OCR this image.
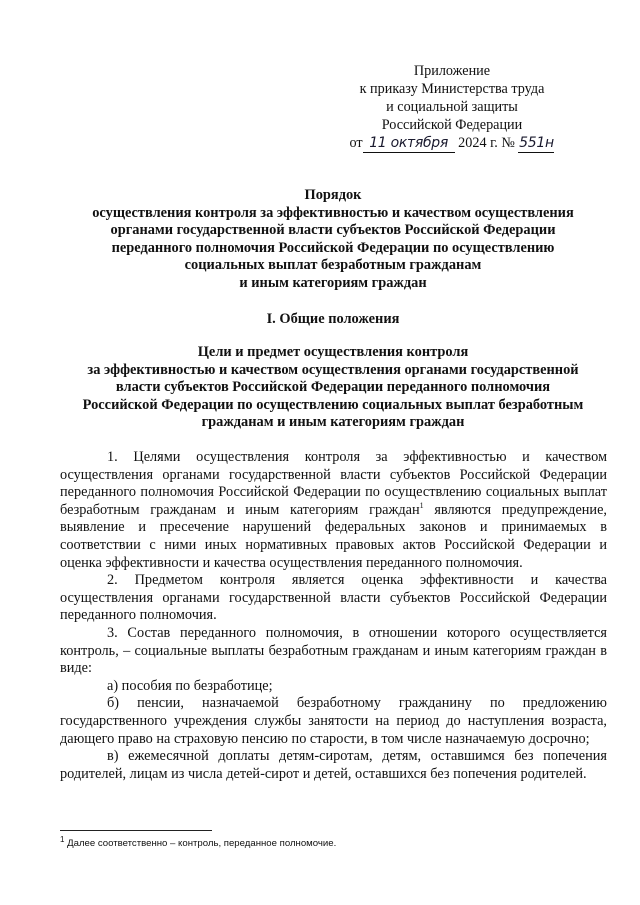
Приложение
к приказу Министерства труда
и социальной защиты
Российской Федерации
от 11 октября 2024 г. № 551н
Порядок
осуществления контроля за эффективностью и качеством осуществления
органами государственной власти субъектов Российской Федерации
переданного полномочия Российской Федерации по осуществлению
социальных выплат безработным гражданам
и иным категориям граждан
I. Общие положения
Цели и предмет осуществления контроля
за эффективностью и качеством осуществления органами государственной
власти субъектов Российской Федерации переданного полномочия
Российской Федерации по осуществлению социальных выплат безработным
гражданам и иным категориям граждан

1. Целями осуществления контроля за эффективностью и качеством осуществления органами государственной власти субъектов Российской Федерации переданного полномочия Российской Федерации по осуществлению социальных выплат безработным гражданам и иным категориям граждан$^1$ являются предупреждение, выявление и пресечение нарушений федеральных законов и принимаемых в соответствии с ними иных нормативных правовых актов Российской Федерации и оценка эффективности и качества осуществления переданного полномочия.

2. Предметом контроля является оценка эффективности и качества осуществления органами государственной власти субъектов Российской Федерации переданного полномочия.

3. Состав переданного полномочия, в отношении которого осуществляется контроль, – социальные выплаты безработным гражданам и иным категориям граждан в виде:

а) пособия по безработице;

б) пенсии, назначаемой безработному гражданину по предложению государственного учреждения службы занятости на период до наступления возраста, дающего право на страховую пенсию по старости, в том числе назначаемую досрочно;

в) ежемесячной доплаты детям-сиротам, детям, оставшимся без попечения родителей, лицам из числа детей-сирот и детей, оставшихся без попечения родителей.

$^1$ Далее соответственно – контроль, переданное полномочие.
